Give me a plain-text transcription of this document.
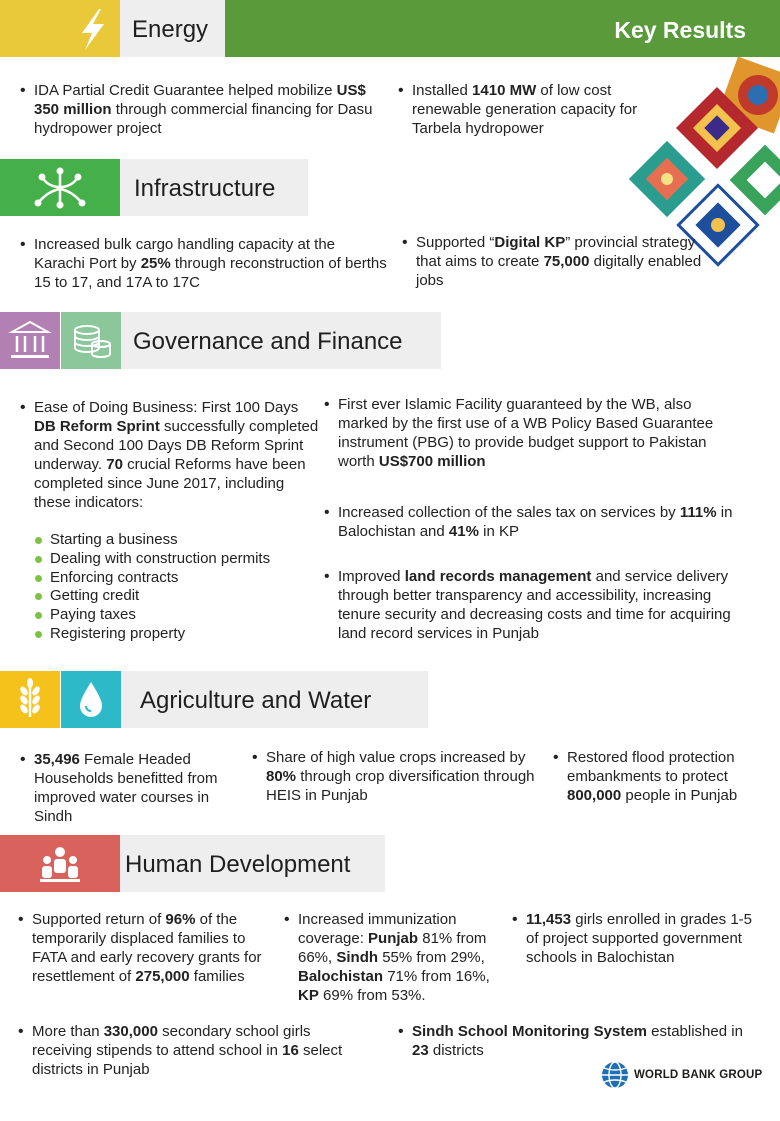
Energy	Key Results
• IDA Partial Credit Guarantee helped mobilize US$ 350 million through commercial financing for Dasu hydropower project
• Installed 1410 MW of low cost renewable generation capacity for Tarbela hydropower
Infrastructure
• Increased bulk cargo handling capacity at the Karachi Port by 25% through reconstruction of berths 15 to 17, and 17A to 17C
• Supported “Digital KP” provincial strategy that aims to create 75,000 digitally enabled jobs
Governance and Finance
• Ease of Doing Business: First 100 Days DB Reform Sprint successfully completed and Second 100 Days DB Reform Sprint underway. 70 crucial Reforms have been completed since June 2017, including these indicators:
Starting a business
Dealing with construction permits
Enforcing contracts
Getting credit
Paying taxes
Registering property
• First ever Islamic Facility guaranteed by the WB, also marked by the first use of a WB Policy Based Guarantee instrument (PBG) to provide budget support to Pakistan worth US$700 million
• Increased collection of the sales tax on services by 111% in Balochistan and 41% in KP
• Improved land records management and service delivery through better transparency and accessibility, increasing tenure security and decreasing costs and time for acquiring land record services in Punjab
Agriculture and Water
• 35,496 Female Headed Households benefitted from improved water courses in Sindh
• Share of high value crops increased by 80% through crop diversification through HEIS in Punjab
• Restored flood protection embankments to protect 800,000 people in Punjab
Human Development
• Supported return of 96% of the temporarily displaced families to FATA and early recovery grants for resettlement of 275,000 families
• Increased immunization coverage: Punjab 81% from 66%, Sindh 55% from 29%, Balochistan 71% from 16%, KP 69% from 53%.
• 11,453 girls enrolled in grades 1-5 of project supported government schools in Balochistan
• More than 330,000 secondary school girls receiving stipends to attend school in 16 select districts in Punjab
• Sindh School Monitoring System established in 23 districts
WORLD BANK GROUP
